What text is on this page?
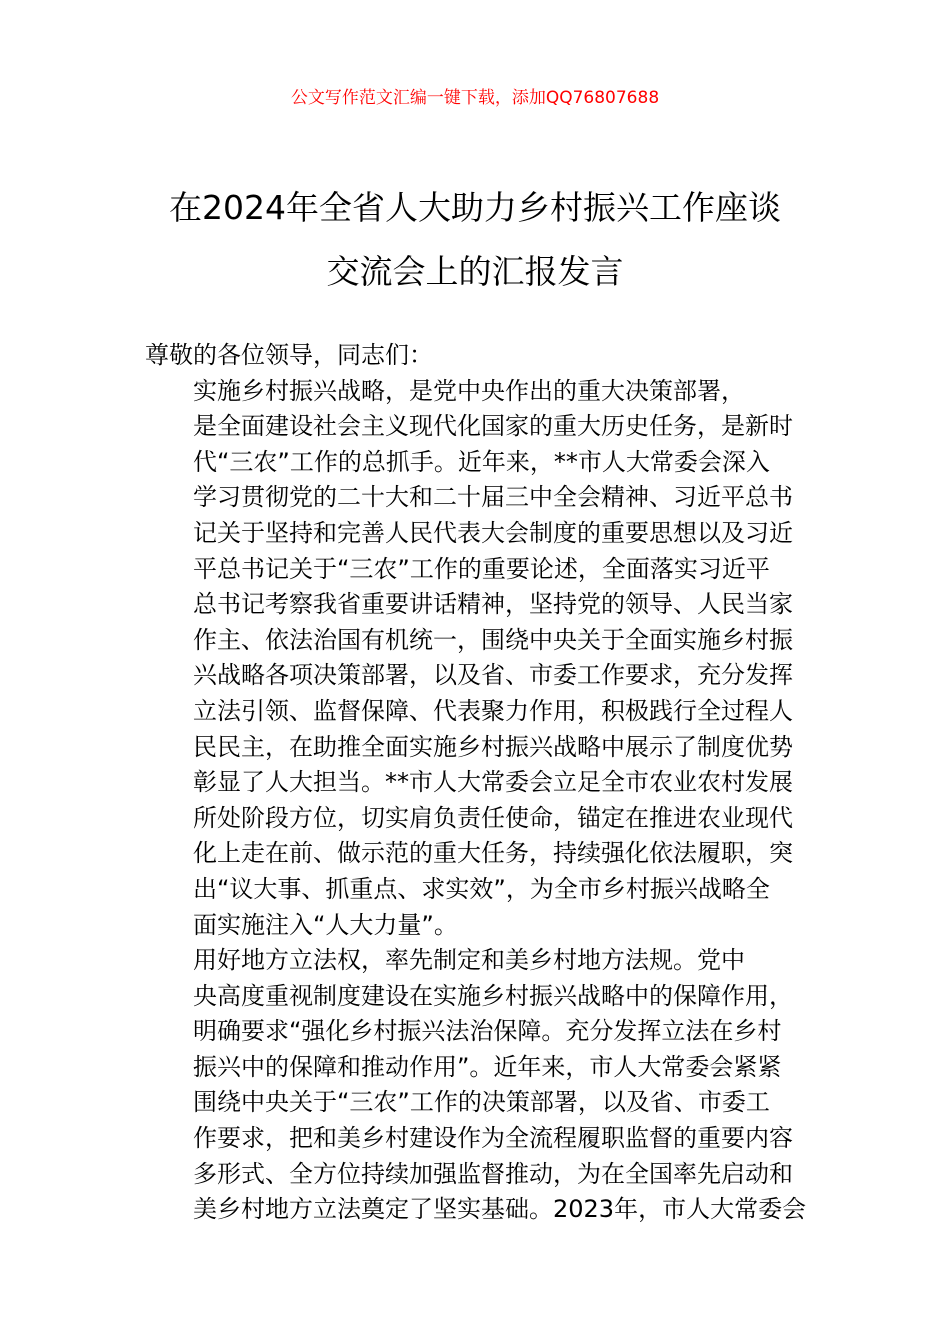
公文写作范文汇编一键下载，添加QQ76807688
在2024年全省人大助力乡村振兴工作座谈
交流会上的汇报发言

尊敬的各位领导，同志们：

实施乡村振兴战略，是党中央作出的重大决策部署，
是全面建设社会主义现代化国家的重大历史任务，是新时
代“三农”工作的总抓手。近年来，**市人大常委会深入
学习贯彻党的二十大和二十届三中全会精神、习近平总书
记关于坚持和完善人民代表大会制度的重要思想以及习近
平总书记关于“三农”工作的重要论述，全面落实习近平
总书记考察我省重要讲话精神，坚持党的领导、人民当家
作主、依法治国有机统一，围绕中央关于全面实施乡村振
兴战略各项决策部署，以及省、市委工作要求，充分发挥
立法引领、监督保障、代表聚力作用，积极践行全过程人
民民主，在助推全面实施乡村振兴战略中展示了制度优势
彰显了人大担当。**市人大常委会立足全市农业农村发展
所处阶段方位，切实肩负责任使命，锚定在推进农业现代
化上走在前、做示范的重大任务，持续强化依法履职，突
出“议大事、抓重点、求实效”，为全市乡村振兴战略全
面实施注入“人大力量”。

用好地方立法权，率先制定和美乡村地方法规。党中
央高度重视制度建设在实施乡村振兴战略中的保障作用，
明确要求“强化乡村振兴法治保障。充分发挥立法在乡村
振兴中的保障和推动作用”。近年来，市人大常委会紧紧
围绕中央关于“三农”工作的决策部署，以及省、市委工
作要求，把和美乡村建设作为全流程履职监督的重要内容
多形式、全方位持续加强监督推动，为在全国率先启动和
美乡村地方立法奠定了坚实基础。2023年，市人大常委会
